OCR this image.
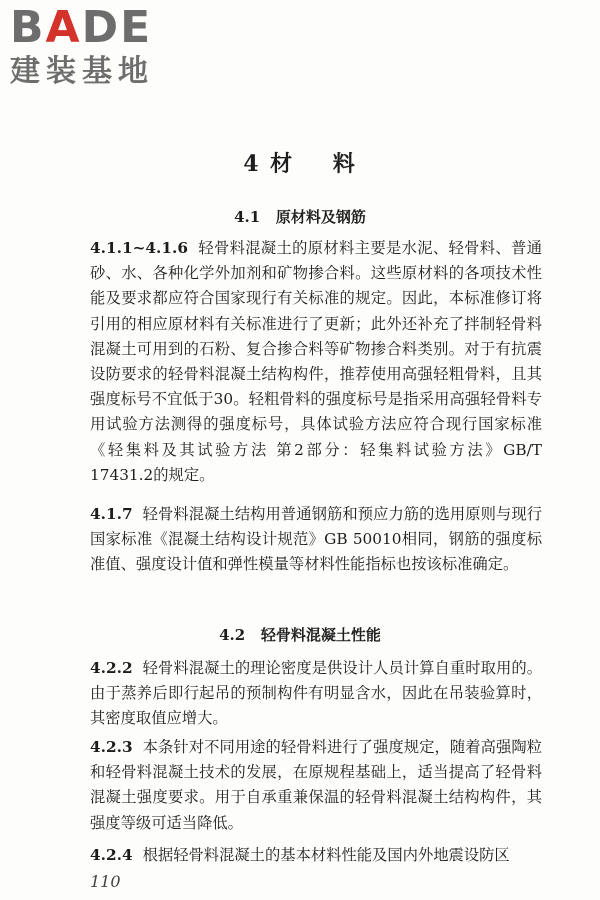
BADE
建装基地
4 材    料
4.1 原材料及钢筋

4.1.1~4.1.6 轻骨料混凝土的原材料主要是水泥、轻骨料、普通砂、水、各种化学外加剂和矿物掺合料。这些原材料的各项技术性能及要求都应符合国家现行有关标准的规定。因此，本标准修订将引用的相应原材料有关标准进行了更新；此外还补充了拌制轻骨料混凝土可用到的石粉、复合掺合料等矿物掺合料类别。对于有抗震设防要求的轻骨料混凝土结构构件，推荐使用高强轻粗骨料，且其强度标号不宜低于30。轻粗骨料的强度标号是指采用高强轻骨料专用试验方法测得的强度标号，具体试验方法应符合现行国家标准《轻集料及其试验方法 第2部分：轻集料试验方法》GB/T 17431.2的规定。

4.1.7 轻骨料混凝土结构用普通钢筋和预应力筋的选用原则与现行国家标准《混凝土结构设计规范》GB 50010相同，钢筋的强度标准值、强度设计值和弹性模量等材料性能指标也按该标准确定。

4.2 轻骨料混凝土性能

4.2.2 轻骨料混凝土的理论密度是供设计人员计算自重时取用的。由于蒸养后即行起吊的预制构件有明显含水，因此在吊装验算时，其密度取值应增大。

4.2.3 本条针对不同用途的轻骨料进行了强度规定，随着高强陶粒和轻骨料混凝土技术的发展，在原规程基础上，适当提高了轻骨料混凝土强度要求。用于自承重兼保温的轻骨料混凝土结构构件，其强度等级可适当降低。

4.2.4 根据轻骨料混凝土的基本材料性能及国内外地震设防区

110
